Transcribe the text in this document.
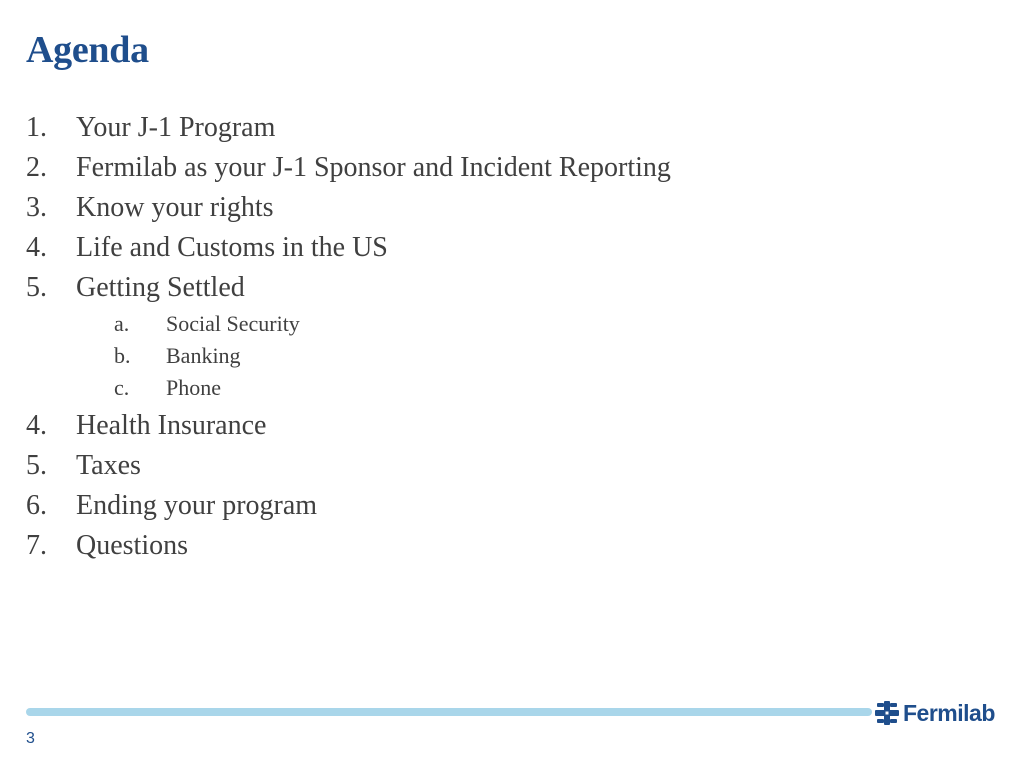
Agenda
1. Your J-1 Program
2. Fermilab as your J-1 Sponsor and Incident Reporting
3. Know your rights
4. Life and Customs in the US
5. Getting Settled
a. Social Security
b. Banking
c. Phone
4. Health Insurance
5. Taxes
6. Ending your program
7. Questions
Fermilab
3
